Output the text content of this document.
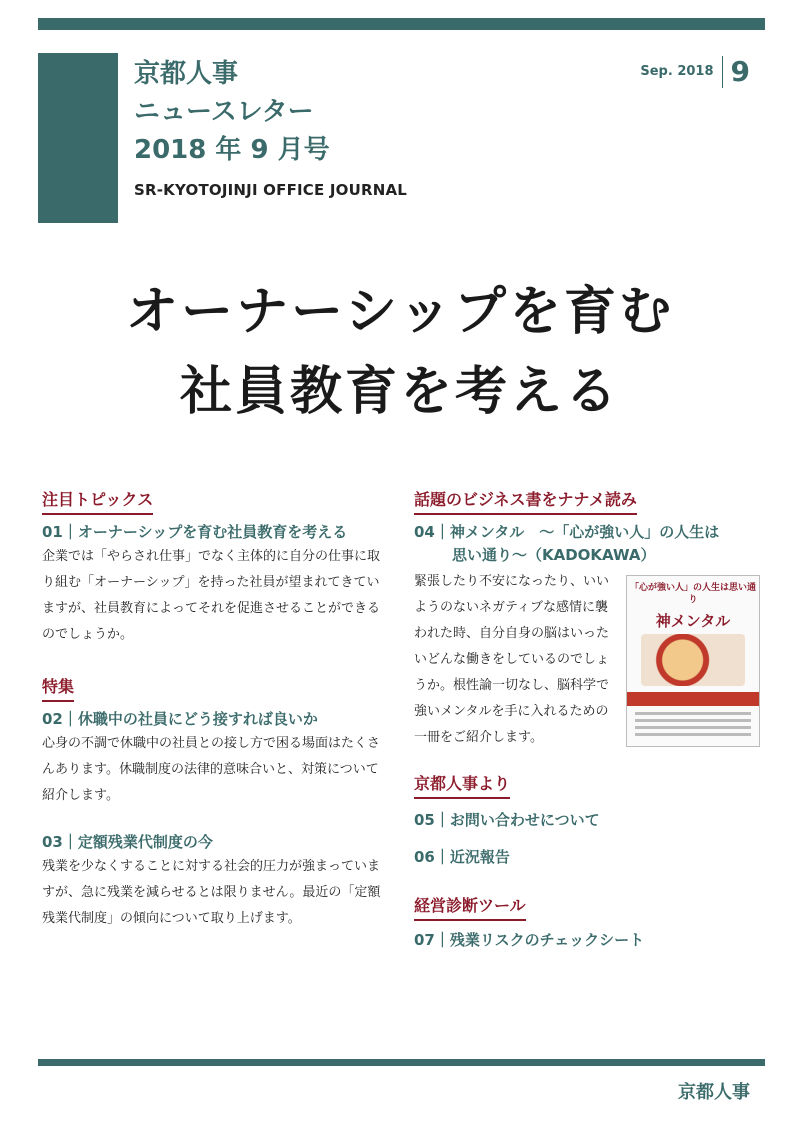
京都人事
ニュースレター
2018 年 9 月号
SR-KYOTOJINJI OFFICE JOURNAL
Sep. 2018 9
オーナーシップを育む
社員教育を考える
注目トピックス
01｜オーナーシップを育む社員教育を考える
企業では「やらされ仕事」でなく主体的に自分の仕事に取り組む「オーナーシップ」を持った社員が望まれてきていますが、社員教育によってそれを促進させることができるのでしょうか。
特集
02｜休職中の社員にどう接すれば良いか
心身の不調で休職中の社員との接し方で困る場面はたくさんあります。休職制度の法律的意味合いと、対策について紹介します。
03｜定額残業代制度の今
残業を少なくすることに対する社会的圧力が強まっていますが、急に残業を減らせるとは限りません。最近の「定額残業代制度」の傾向について取り上げます。
話題のビジネス書をナナメ読み
04｜神メンタル　～「心が強い人」の人生は
思い通り～（KADOKAWA）
緊張したり不安になったり、いいようのないネガティブな感情に襲われた時、自分自身の脳はいったいどんな働きをしているのでしょうか。根性論一切なし、脳科学で強いメンタルを手に入れるための一冊をご紹介します。
「心が強い人」の人生は思い通り
神メンタル
京都人事より
05｜お問い合わせについて
06｜近況報告
経営診断ツール
07｜残業リスクのチェックシート
京都人事
